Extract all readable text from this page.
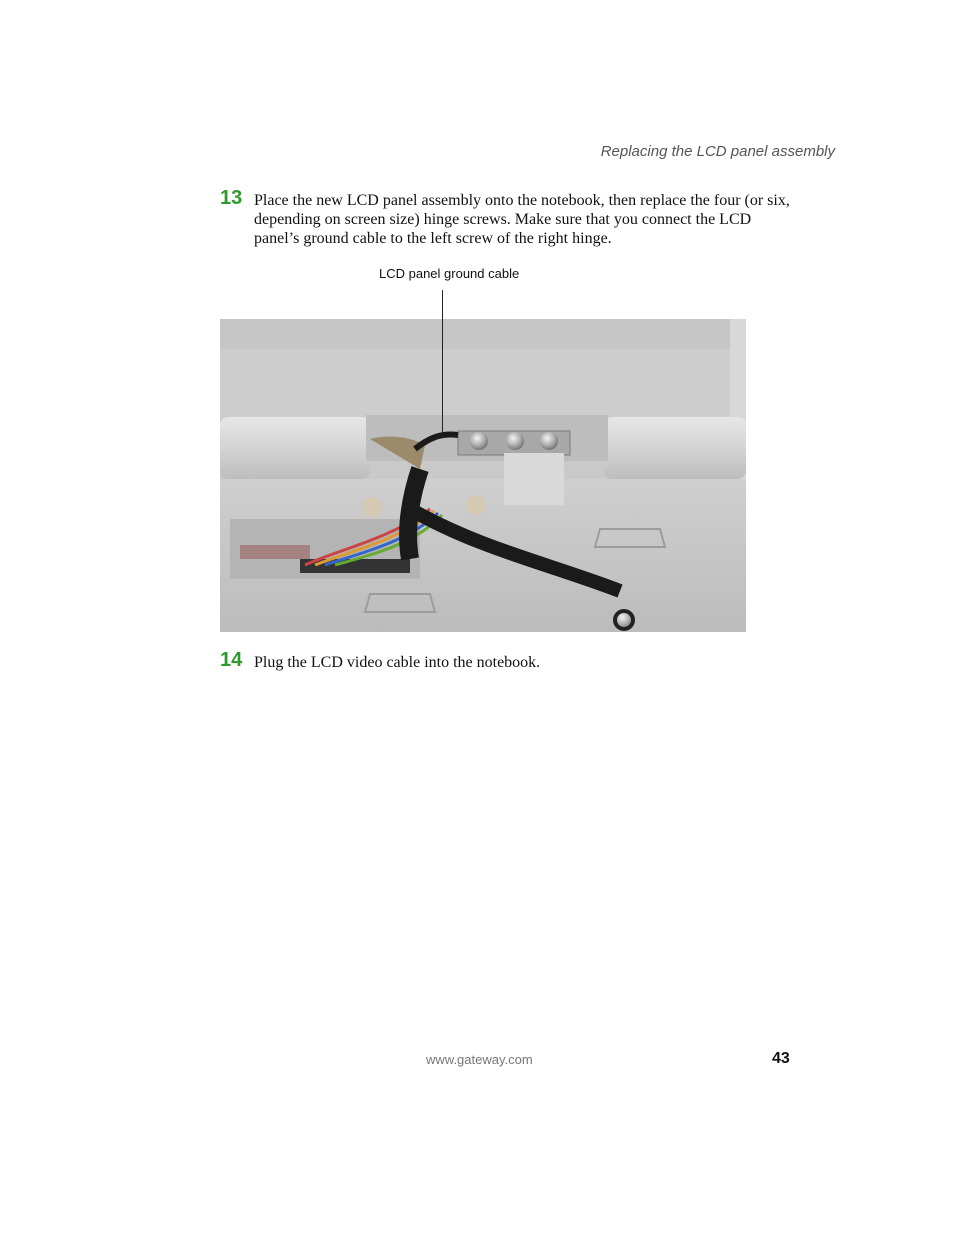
Replacing the LCD panel assembly
13 Place the new LCD panel assembly onto the notebook, then replace the four (or six, depending on screen size) hinge screws. Make sure that you connect the LCD panel’s ground cable to the left screw of the right hinge.

LCD panel ground cable
14 Plug the LCD video cable into the notebook.

www.gateway.com	43
